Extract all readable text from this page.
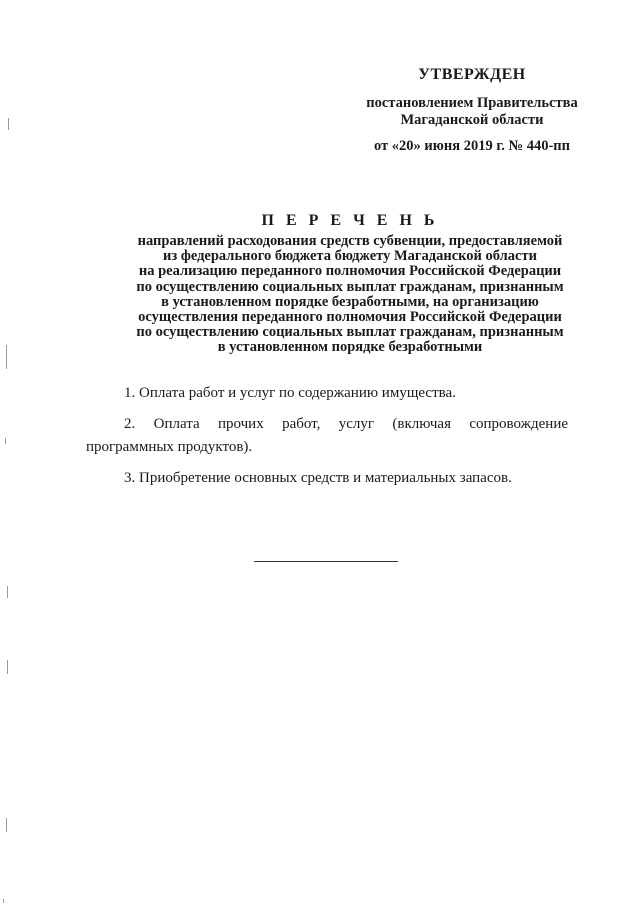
УТВЕРЖДЕН
постановлением Правительства
Магаданской области
от «20» июня 2019 г. № 440-пп
П Е Р Е Ч Е Н Ь
направлений расходования средств субвенции, предоставляемой
из федерального бюджета бюджету Магаданской области
на реализацию переданного полномочия Российской Федерации
по осуществлению социальных выплат гражданам, признанным
в установленном порядке безработными, на организацию
осуществления переданного полномочия Российской Федерации
по осуществлению социальных выплат гражданам, признанным
в установленном порядке безработными

1. Оплата работ и услуг по содержанию имущества.

2. Оплата прочих работ, услуг (включая сопровождение
программных продуктов).

3. Приобретение основных средств и материальных запасов.
